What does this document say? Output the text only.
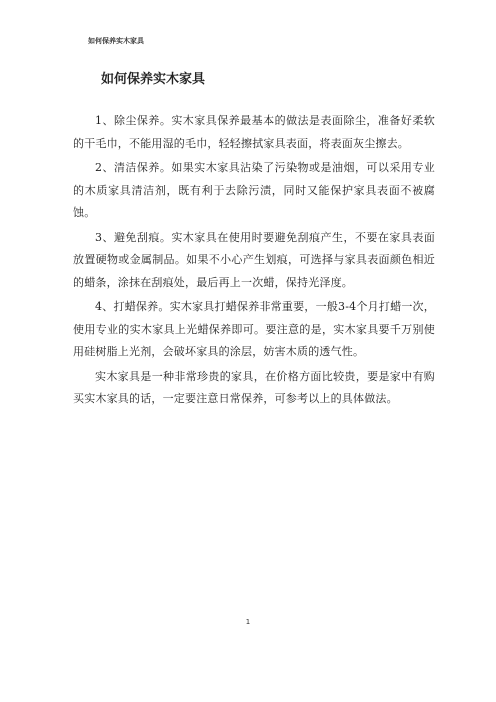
如何保养实木家具
如何保养实木家具

1、除尘保养。实木家具保养最基本的做法是表面除尘，准备好柔软的干毛巾，不能用湿的毛巾，轻轻擦拭家具表面，将表面灰尘擦去。

2、清洁保养。如果实木家具沾染了污染物或是油烟，可以采用专业的木质家具清洁剂，既有利于去除污渍，同时又能保护家具表面不被腐蚀。

3、避免刮痕。实木家具在使用时要避免刮痕产生，不要在家具表面放置硬物或金属制品。如果不小心产生划痕，可选择与家具表面颜色相近的蜡条，涂抹在刮痕处，最后再上一次蜡，保持光泽度。

4、打蜡保养。实木家具打蜡保养非常重要，一般3-4个月打蜡一次，使用专业的实木家具上光蜡保养即可。要注意的是，实木家具要千万别使用硅树脂上光剂，会破坏家具的涂层，妨害木质的透气性。

实木家具是一种非常珍贵的家具，在价格方面比较贵，要是家中有购买实木家具的话，一定要注意日常保养，可参考以上的具体做法。

1
